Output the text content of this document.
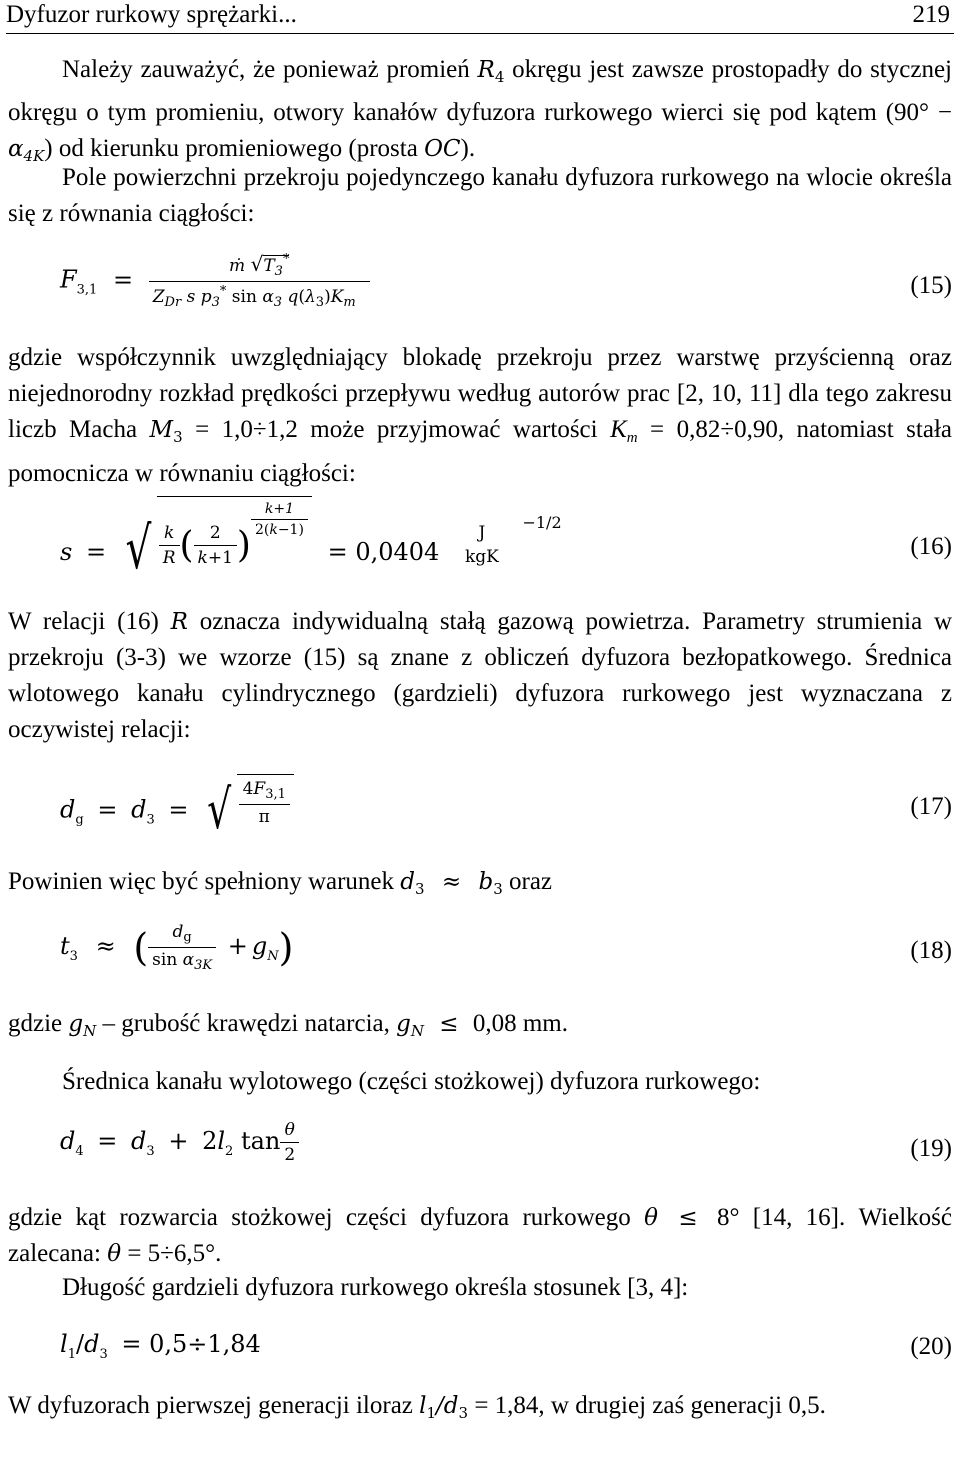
Dyfuzor rurkowy sprężarki...	219

Należy zauważyć, że ponieważ promień $R_4$ okręgu jest zawsze prostopadły do stycznej okręgu o tym promieniu, otwory kanałów dyfuzora rurkowego wierci się pod kątem $(90^\circ - \alpha_{4K})$ od kierunku promieniowego (prosta OC).

Pole powierzchni przekroju pojedynczego kanału dyfuzora rurkowego na wlocie określa się z równania ciągłości:

$F_{3,1} = \frac{ṁ √T_3^*}{Z_{Dr} s p_3^* \sin \alpha_3 q(\lambda_3)K_m}$	(15)

gdzie współczynnik uwzględniający blokadę przekroju przez warstwę przyścienną oraz niejednorodny rozkład prędkości przepływu według autorów prac [2, 10, 11] dla tego zakresu liczb Macha $M_3 = 1,0\div 1,2$ może przyjmować wartości $K_m = 0,82\div 0,90$, natomiast stała pomocnicza w równaniu ciągłości:

s = √ $\frac{k}{R}$ ( $\frac{2}{k+1}$ )
$\frac{k+1}{2(k-1)}$
= 0,0404
J
kgK
$^{-1/2}$
(16)

W relacji (16) R oznacza indywidualną stałą gazową powietrza. Parametry strumienia w przekroju (3-3) we wzorze (15) są znane z obliczeń dyfuzora bezłopatkowego. Średnica wlotowego kanału cylindrycznego (gardzieli) dyfuzora rurkowego jest wyznaczana z oczywistej relacji:

$d_g = d_3$ = √ $\frac{4F_{3,1}}{\pi}$	(17)

Powinien więc być spełniony warunek $d_3 \approx b_3$ oraz

$t_3$ ≈ ( $\frac{d_g}{\sin \alpha_{3K}} + g_N$)	(18)

gdzie $g_N$ – grubość krawędzi natarcia, $g_N \le 0,08$ mm.

Średnica kanału wylotowego (części stożkowej) dyfuzora rurkowego:

$d_4 = d_3 + 2l_2$ $\tan \frac{\theta}{2}$	(19)

gdzie kąt rozwarcia stożkowej części dyfuzora rurkowego θ ≤ 8° [14, 16]. Wielkość zalecana: θ = 5÷6,5°.

Długość gardzieli dyfuzora rurkowego określa stosunek [3, 4]:

$l_1/d_3 = 0,5\div 1,84$	(20)

W dyfuzorach pierwszej generacji iloraz $l_1/d_3 = 1,84$, w drugiej zaś generacji 0,5.
